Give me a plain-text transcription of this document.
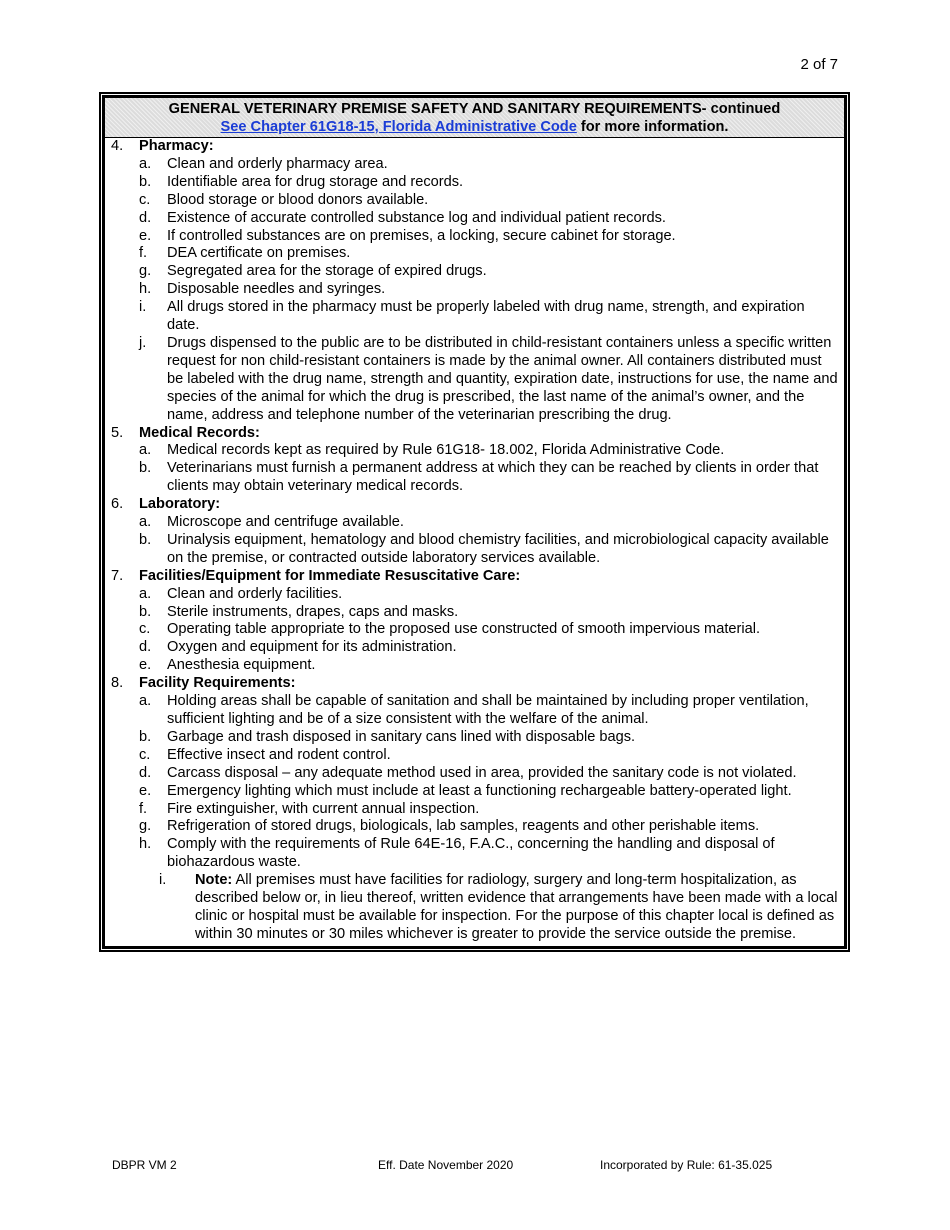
2 of 7
GENERAL VETERINARY PREMISE SAFETY AND SANITARY REQUIREMENTS- continued
See Chapter 61G18-15, Florida Administrative Code for more information.
4. Pharmacy:
a. Clean and orderly pharmacy area.
b. Identifiable area for drug storage and records.
c. Blood storage or blood donors available.
d. Existence of accurate controlled substance log and individual patient records.
e. If controlled substances are on premises, a locking, secure cabinet for storage.
f. DEA certificate on premises.
g. Segregated area for the storage of expired drugs.
h. Disposable needles and syringes.
i. All drugs stored in the pharmacy must be properly labeled with drug name, strength, and expiration date.
j. Drugs dispensed to the public are to be distributed in child-resistant containers unless a specific written request for non child-resistant containers is made by the animal owner. All containers distributed must be labeled with the drug name, strength and quantity, expiration date, instructions for use, the name and species of the animal for which the drug is prescribed, the last name of the animal’s owner, and the name, address and telephone number of the veterinarian prescribing the drug.
5. Medical Records:
a. Medical records kept as required by Rule 61G18- 18.002, Florida Administrative Code.
b. Veterinarians must furnish a permanent address at which they can be reached by clients in order that clients may obtain veterinary medical records.
6. Laboratory:
a. Microscope and centrifuge available.
b. Urinalysis equipment, hematology and blood chemistry facilities, and microbiological capacity available on the premise, or contracted outside laboratory services available.
7. Facilities/Equipment for Immediate Resuscitative Care:
a. Clean and orderly facilities.
b. Sterile instruments, drapes, caps and masks.
c. Operating table appropriate to the proposed use constructed of smooth impervious material.
d. Oxygen and equipment for its administration.
e. Anesthesia equipment.
8. Facility Requirements:
a. Holding areas shall be capable of sanitation and shall be maintained by including proper ventilation, sufficient lighting and be of a size consistent with the welfare of the animal.
b. Garbage and trash disposed in sanitary cans lined with disposable bags.
c. Effective insect and rodent control.
d. Carcass disposal – any adequate method used in area, provided the sanitary code is not violated.
e. Emergency lighting which must include at least a functioning rechargeable battery-operated light.
f. Fire extinguisher, with current annual inspection.
g. Refrigeration of stored drugs, biologicals, lab samples, reagents and other perishable items.
h. Comply with the requirements of Rule 64E-16, F.A.C., concerning the handling and disposal of biohazardous waste.
i. Note: All premises must have facilities for radiology, surgery and long-term hospitalization, as described below or, in lieu thereof, written evidence that arrangements have been made with a local clinic or hospital must be available for inspection. For the purpose of this chapter local is defined as within 30 minutes or 30 miles whichever is greater to provide the service outside the premise.
DBPR VM 2	Eff. Date November 2020	Incorporated by Rule: 61-35.025
